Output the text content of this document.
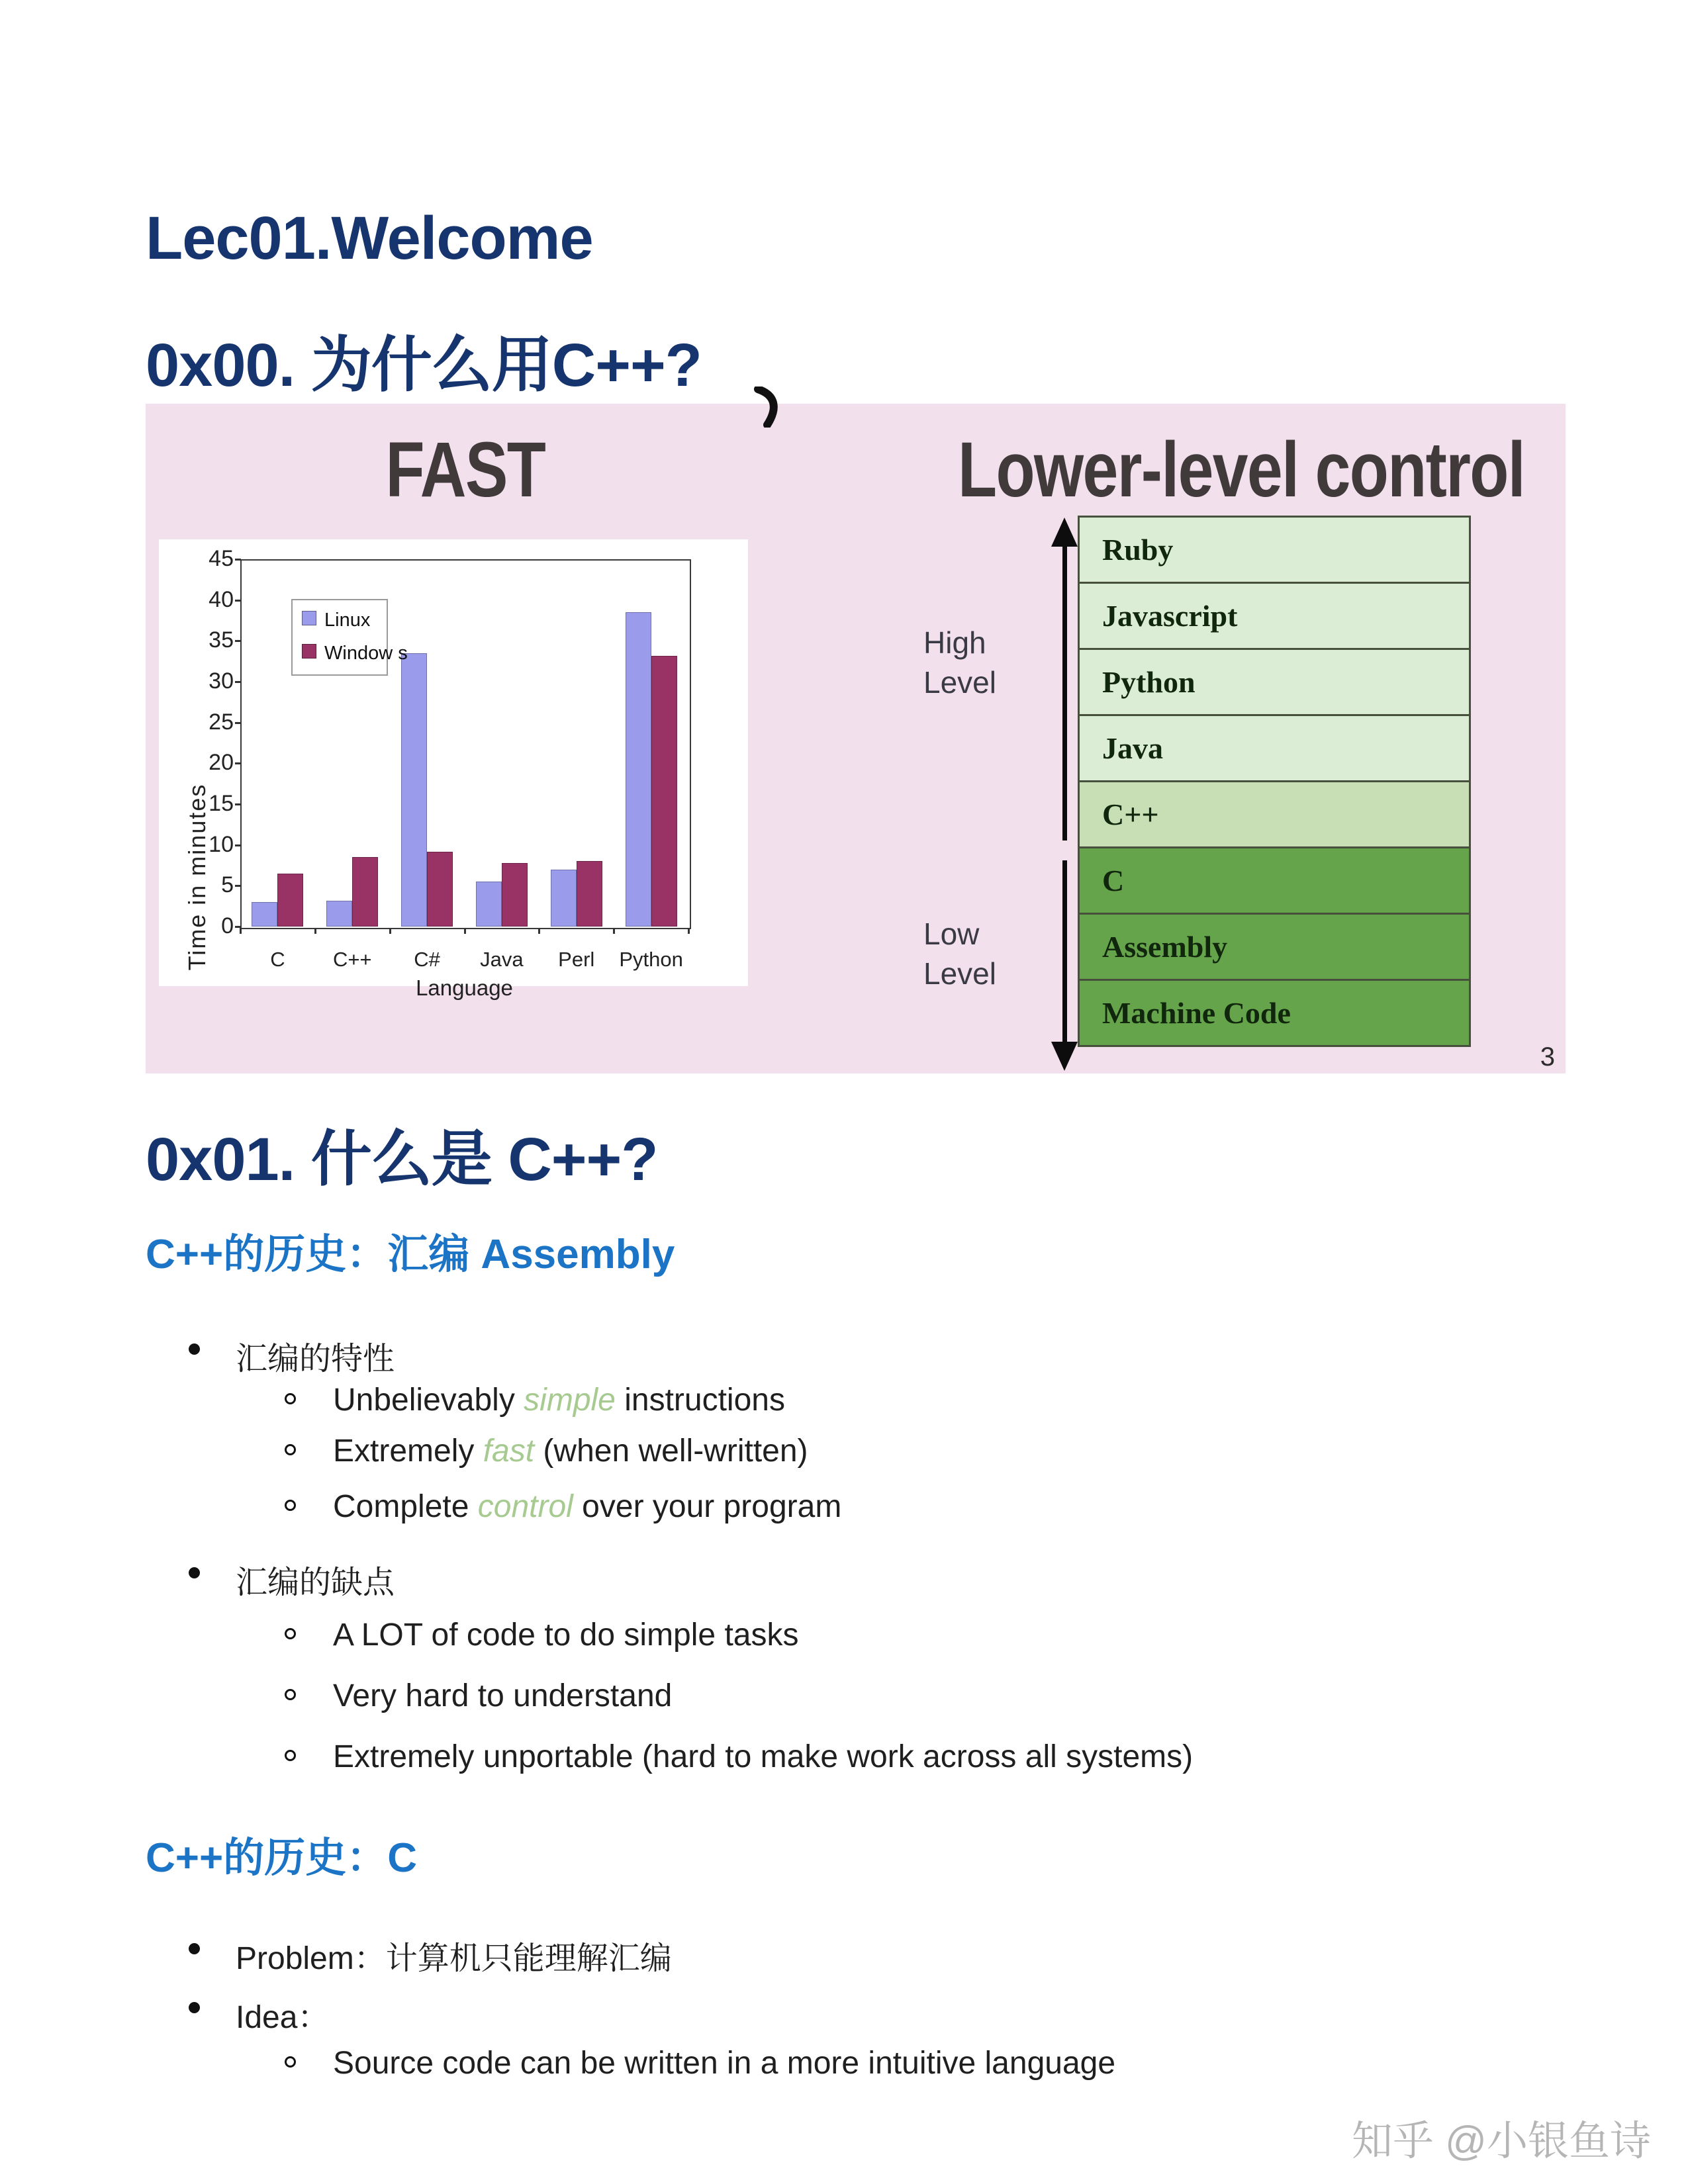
Lec01.Welcome
0x00. 为什么用C++?
FAST	Lower-level control
Time in minutes 0
5
10
15
20
25
30
35
40
45
C	C++	C#	Java	Perl	Python
Linux
Window s
Language
Ruby
Javascript
Python
Java
C++
C
Assembly
Machine Code
High
Level
Low
Level
3
0x01. 什么是 C++?
C++的历史：汇编 Assembly
汇编的特性
Unbelievably simple instructions
Extremely fast (when well-written)
Complete control over your program
汇编的缺点
A LOT of code to do simple tasks
Very hard to understand
Extremely unportable (hard to make work across all systems)
C++的历史：C
Problem：计算机只能理解汇编
Idea：
Source code can be written in a more intuitive language
知乎 @小银鱼诗
